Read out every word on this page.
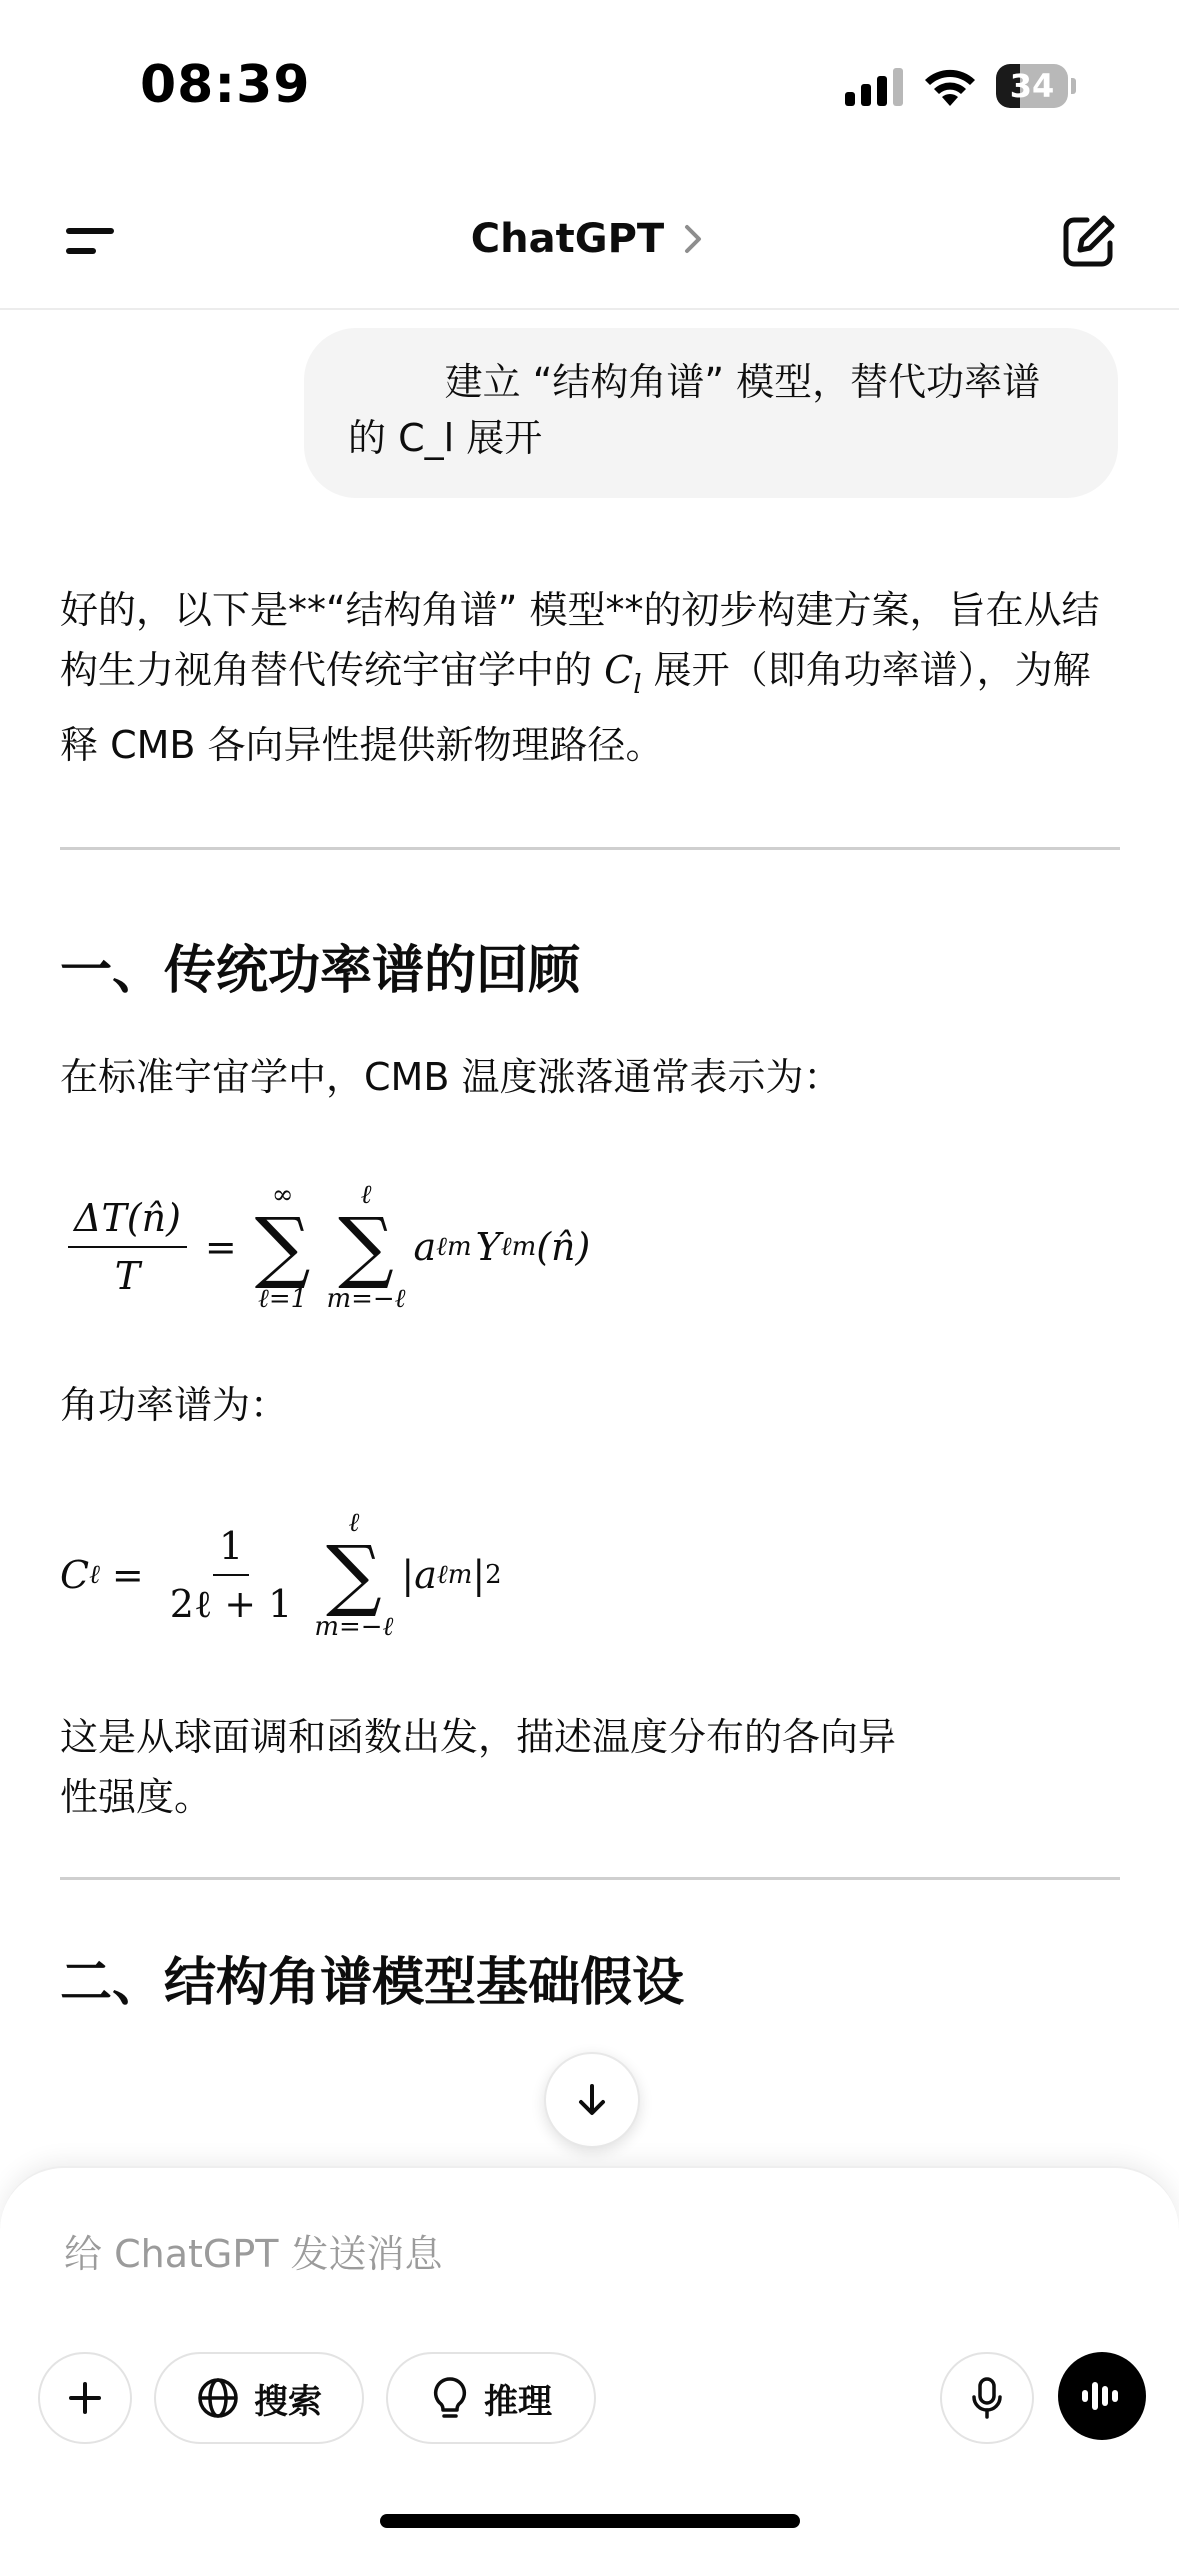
08:39	34
ChatGPT
建立 “结构角谱” 模型，替代功率谱的 C_l 展开

好的，以下是**“结构角谱” 模型**的初步构建方案，旨在从结构生力视角替代传统宇宙学中的 $C_l$ 展开（即角功率谱），为解释 CMB 各向异性提供新物理路径。

一、传统功率谱的回顾

在标准宇宙学中，CMB 温度涨落通常表示为：

$\frac{\Delta T(n̂)}{T}$ =
∞
∑
ℓ=1
ℓ
∑
m=−ℓ
a ℓm Y ℓm (n̂)

角功率谱为：

C ℓ = $\frac{1}{\text{2ℓ + 1}}$
ℓ
∑
m=−ℓ
|a ℓm | 2

这是从球面调和函数出发，描述温度分布的各向异
性强度。

二、结构角谱模型基础假设
给 ChatGPT 发送消息
搜索	推理
